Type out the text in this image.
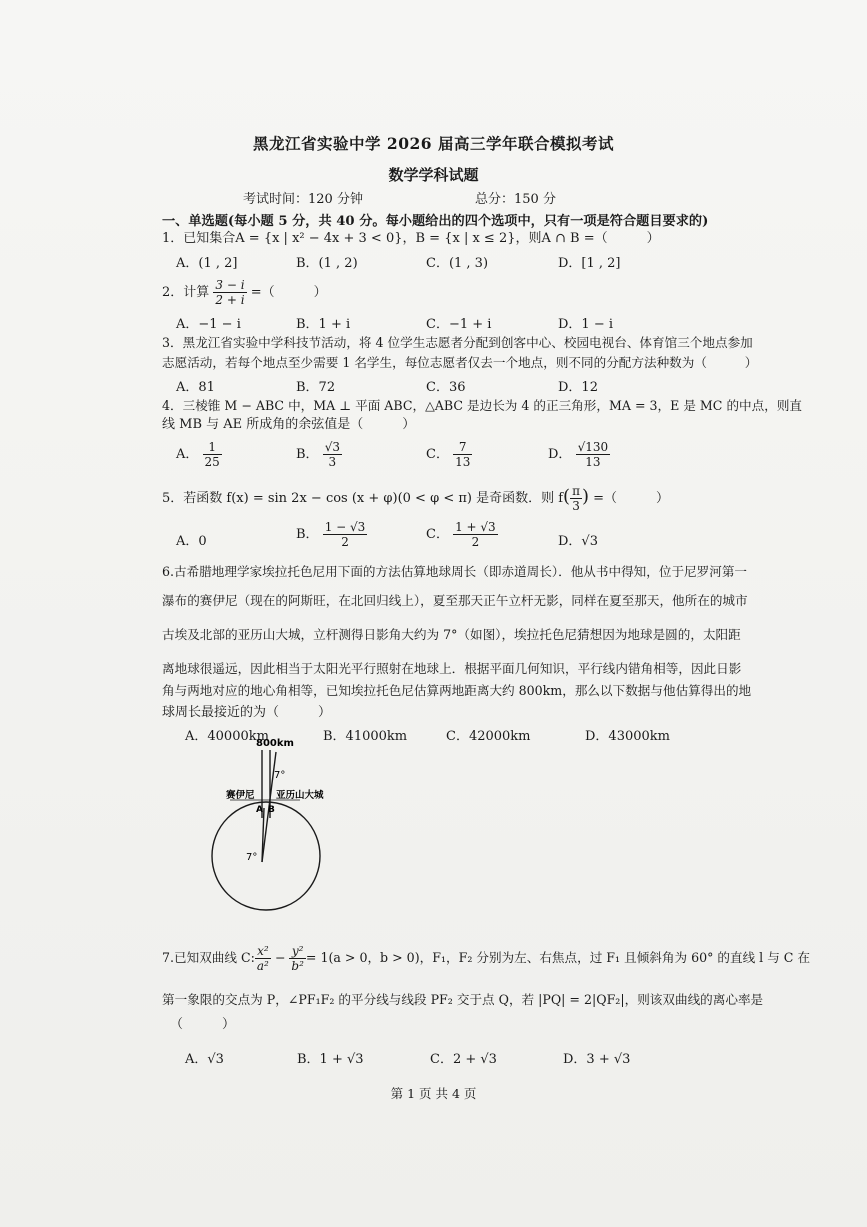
黑龙江省实验中学 2026 届高三学年联合模拟考试
数学学科试题
考试时间：120 分钟	总分：150 分
一、单选题(每小题 5 分，共 40 分。每小题给出的四个选项中，只有一项是符合题目要求的)
1．已知集合A = {x | x² − 4x + 3 < 0}，B = {x | x ≤ 2}，则A ∩ B =（　　　）
A．(1 , 2]	B．(1 , 2)	C．(1 , 3)	D．[1 , 2]
2．计算 $\frac{3 - i}{2 + i}$ =（　　　）
A．−1 − i	B．1 + i	C．−1 + i	D．1 − i
3．黑龙江省实验中学科技节活动，将 4 位学生志愿者分配到创客中心、校园电视台、体育馆三个地点参加
志愿活动，若每个地点至少需要 1 名学生，每位志愿者仅去一个地点，则不同的分配方法种数为（　　　）
A．81	B．72	C．36	D．12
4．三棱锥 M − ABC 中，MA ⊥ 平面 ABC，△ABC 是边长为 4 的正三角形，MA = 3，E 是 MC 的中点，则直
线 MB 与 AE 所成角的余弦值是（　　　）
A． $\frac{1}{25}$	B． $\frac{√3}{3}$	C． $\frac{7}{13}$	D． $\frac{√130}{13}$
5．若函数 f(x) = sin 2x − cos (x + φ)(0 < φ < π) 是奇函数．则 $f( \frac{\pi}{3}$ ) =（　　　）
A．0	B． $\frac{1 - √3}{2}$	C． $\frac{1 + √3}{2}$	D．√3
6.古希腊地理学家埃拉托色尼用下面的方法估算地球周长（即赤道周长）．他从书中得知，位于尼罗河第一
瀑布的赛伊尼（现在的阿斯旺，在北回归线上），夏至那天正午立杆无影，同样在夏至那天，他所在的城市
古埃及北部的亚历山大城，立杆测得日影角大约为 7°（如图），埃拉托色尼猜想因为地球是圆的，太阳距
离地球很遥远，因此相当于太阳光平行照射在地球上．根据平面几何知识，平行线内错角相等，因此日影
角与两地对应的地心角相等，已知埃拉托色尼估算两地距离大约 800km，那么以下数据与他估算得出的地
球周长最接近的为（　　　）
A．40000km	B．41000km	C．42000km	D．43000km
800km
7°
7°
赛伊尼 亚历山大城
A B
7.已知双曲线 C: $\frac{\text{x²}}{\text{a²}} - \frac{\text{y²}}{\text{b²}} = 1(a > 0$，b > 0)，F₁，F₂ 分别为左、右焦点，过 F₁ 且倾斜角为 60° 的直线 l 与 C 在
第一象限的交点为 P，∠PF₁F₂ 的平分线与线段 PF₂ 交于点 Q，若 |PQ| = 2|QF₂|，则该双曲线的离心率是
（　　　）
A．√3	B．1 + √3	C．2 + √3	D．3 + √3
第 1 页 共 4 页
